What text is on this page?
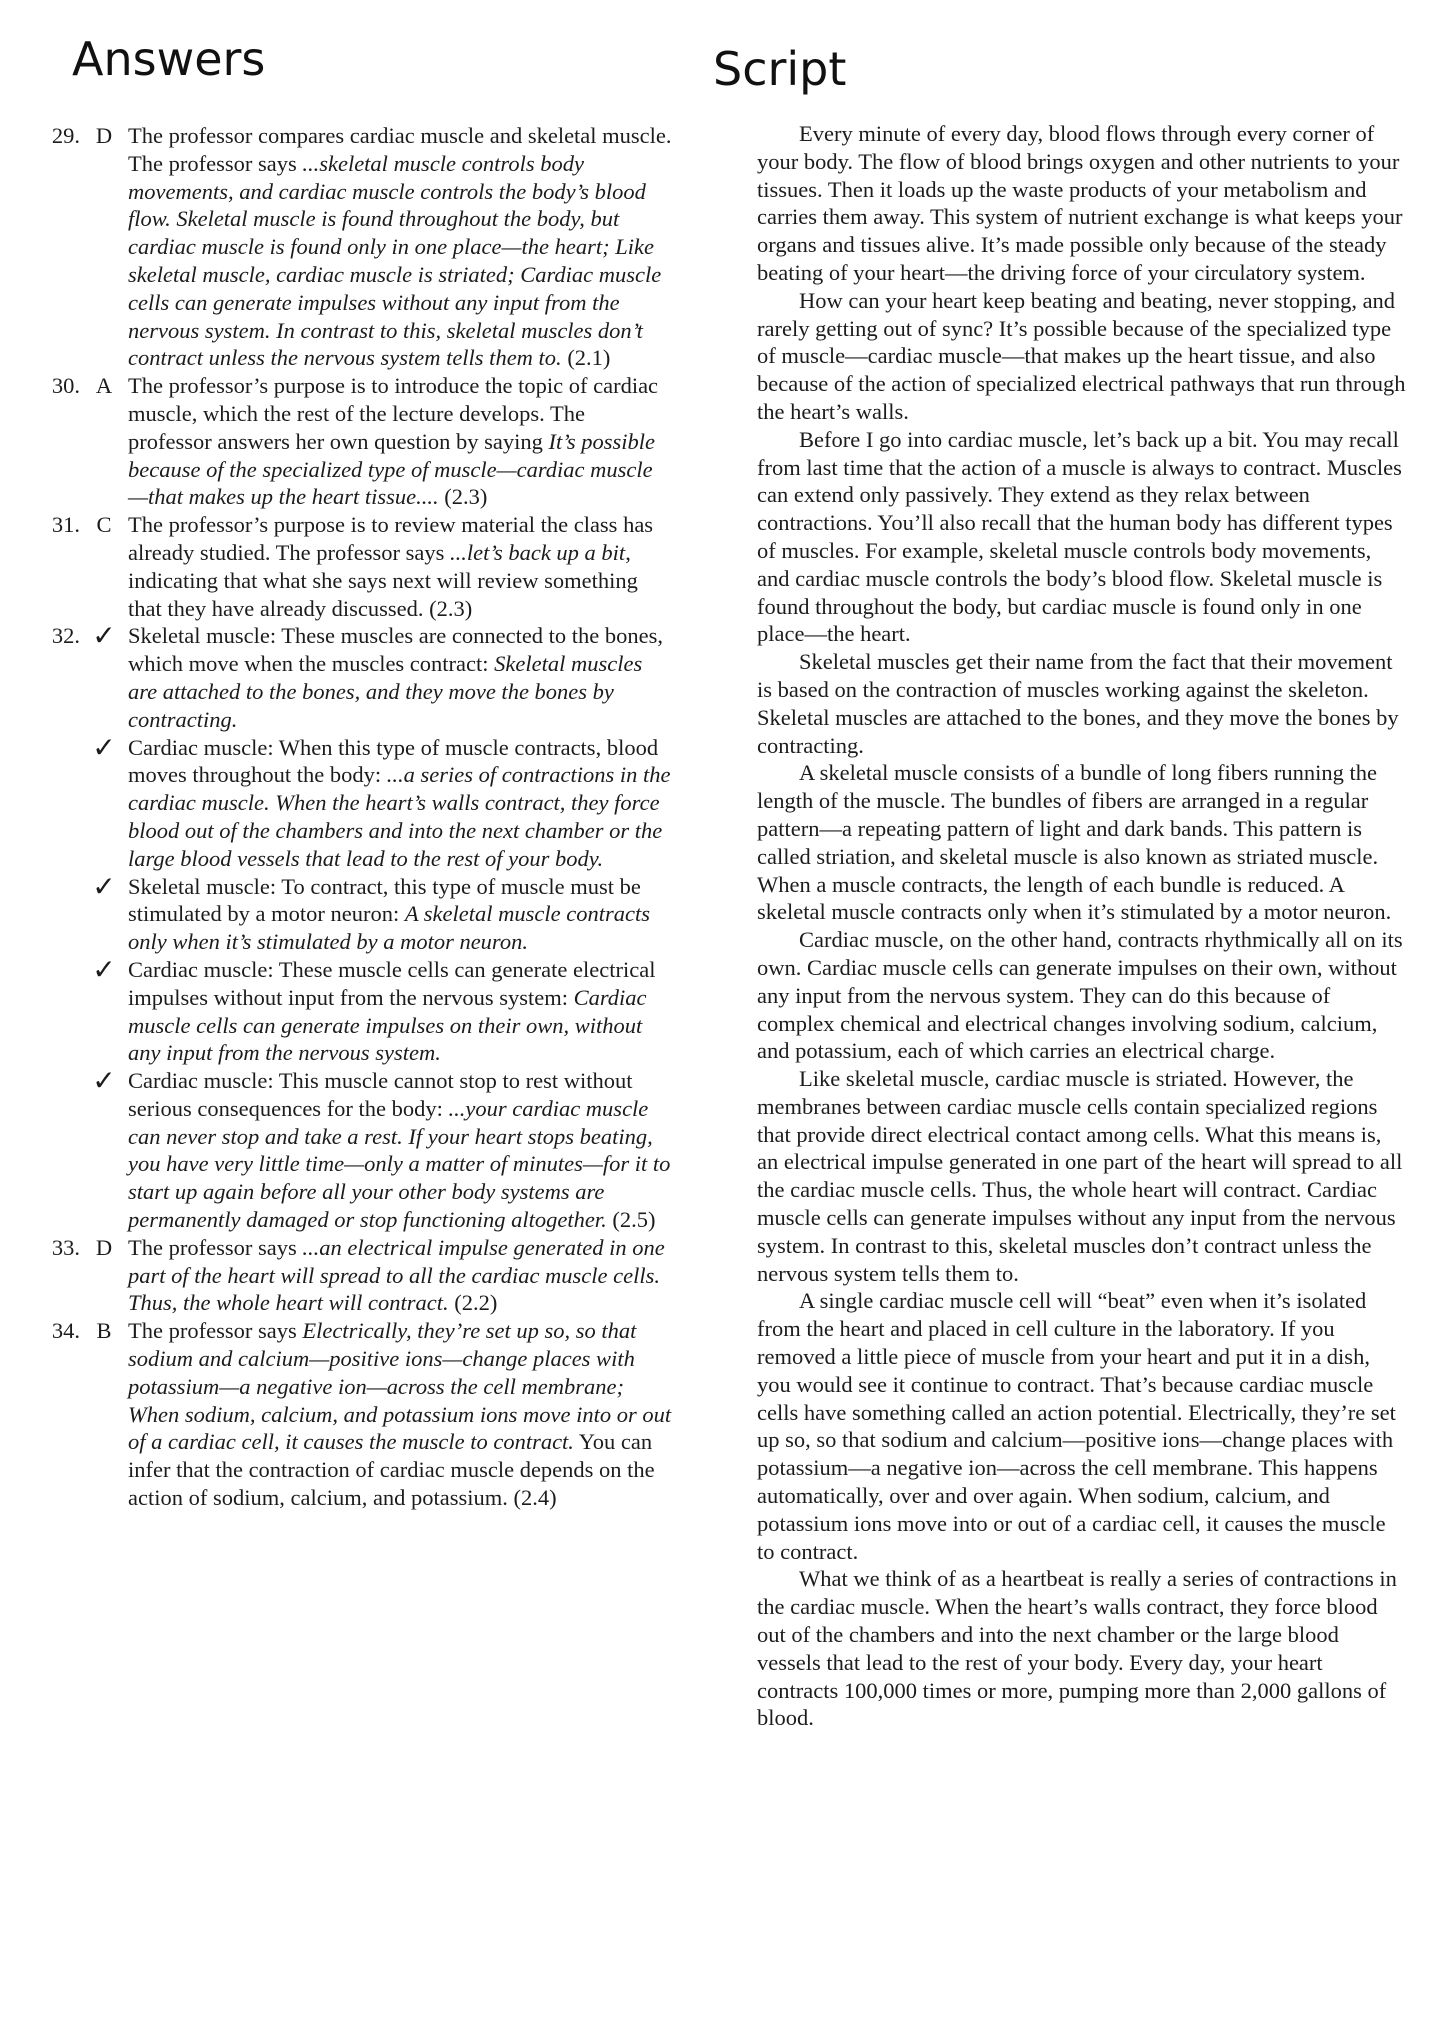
Answers	Script
29. D The professor compares cardiac muscle and skeletal muscle. The professor says ...skeletal muscle controls body movements, and cardiac muscle controls the body’s blood flow. Skeletal muscle is found throughout the body, but cardiac muscle is found only in one place—the heart; Like skeletal muscle, cardiac muscle is striated; Cardiac muscle cells can generate impulses without any input from the nervous system. In contrast to this, skeletal muscles don’t contract unless the nervous system tells them to. (2.1)
30. A The professor’s purpose is to introduce the topic of cardiac muscle, which the rest of the lecture develops. The professor answers her own question by saying It’s possible because of the specialized type of muscle—cardiac muscle—that makes up the heart tissue.... (2.3)
31. C The professor’s purpose is to review material the class has already studied. The professor says ...let’s back up a bit, indicating that what she says next will review something that they have already discussed. (2.3)
32. ✓ Skeletal muscle: These muscles are connected to the bones, which move when the muscles contract: Skeletal muscles are attached to the bones, and they move the bones by contracting.
✓ Cardiac muscle: When this type of muscle contracts, blood moves throughout the body: ...a series of contractions in the cardiac muscle. When the heart’s walls contract, they force blood out of the chambers and into the next chamber or the large blood vessels that lead to the rest of your body.
✓ Skeletal muscle: To contract, this type of muscle must be stimulated by a motor neuron: A skeletal muscle contracts only when it’s stimulated by a motor neuron.
✓ Cardiac muscle: These muscle cells can generate electrical impulses without input from the nervous system: Cardiac muscle cells can generate impulses on their own, without any input from the nervous system.
✓ Cardiac muscle: This muscle cannot stop to rest without serious consequences for the body: ...your cardiac muscle can never stop and take a rest. If your heart stops beating, you have very little time—only a matter of minutes—for it to start up again before all your other body systems are permanently damaged or stop functioning altogether. (2.5)
33. D The professor says ...an electrical impulse generated in one part of the heart will spread to all the cardiac muscle cells. Thus, the whole heart will contract. (2.2)
34. B The professor says Electrically, they’re set up so, so that sodium and calcium—positive ions—change places with potassium—a negative ion—across the cell membrane; When sodium, calcium, and potassium ions move into or out of a cardiac cell, it causes the muscle to contract. You can infer that the contraction of cardiac muscle depends on the action of sodium, calcium, and potassium. (2.4)

Every minute of every day, blood flows through every corner of your body. The flow of blood brings oxygen and other nutrients to your tissues. Then it loads up the waste products of your metabolism and carries them away. This system of nutrient exchange is what keeps your organs and tissues alive. It’s made possible only because of the steady beating of your heart—the driving force of your circulatory system.

How can your heart keep beating and beating, never stopping, and rarely getting out of sync? It’s possible because of the specialized type of muscle—cardiac muscle—that makes up the heart tissue, and also because of the action of specialized electrical pathways that run through the heart’s walls.

Before I go into cardiac muscle, let’s back up a bit. You may recall from last time that the action of a muscle is always to contract. Muscles can extend only passively. They extend as they relax between contractions. You’ll also recall that the human body has different types of muscles. For example, skeletal muscle controls body movements, and cardiac muscle controls the body’s blood flow. Skeletal muscle is found throughout the body, but cardiac muscle is found only in one place—the heart.

Skeletal muscles get their name from the fact that their movement is based on the contraction of muscles working against the skeleton. Skeletal muscles are attached to the bones, and they move the bones by contracting.

A skeletal muscle consists of a bundle of long fibers running the length of the muscle. The bundles of fibers are arranged in a regular pattern—a repeating pattern of light and dark bands. This pattern is called striation, and skeletal muscle is also known as striated muscle. When a muscle contracts, the length of each bundle is reduced. A skeletal muscle contracts only when it’s stimulated by a motor neuron.

Cardiac muscle, on the other hand, contracts rhythmically all on its own. Cardiac muscle cells can generate impulses on their own, without any input from the nervous system. They can do this because of complex chemical and electrical changes involving sodium, calcium, and potassium, each of which carries an electrical charge.

Like skeletal muscle, cardiac muscle is striated. However, the membranes between cardiac muscle cells contain specialized regions that provide direct electrical contact among cells. What this means is, an electrical impulse generated in one part of the heart will spread to all the cardiac muscle cells. Thus, the whole heart will contract. Cardiac muscle cells can generate impulses without any input from the nervous system. In contrast to this, skeletal muscles don’t contract unless the nervous system tells them to.

A single cardiac muscle cell will “beat” even when it’s isolated from the heart and placed in cell culture in the laboratory. If you removed a little piece of muscle from your heart and put it in a dish, you would see it continue to contract. That’s because cardiac muscle cells have something called an action potential. Electrically, they’re set up so, so that sodium and calcium—positive ions—change places with potassium—a negative ion—across the cell membrane. This happens automatically, over and over again. When sodium, calcium, and potassium ions move into or out of a cardiac cell, it causes the muscle to contract.

What we think of as a heartbeat is really a series of contractions in the cardiac muscle. When the heart’s walls contract, they force blood out of the chambers and into the next chamber or the large blood vessels that lead to the rest of your body. Every day, your heart contracts 100,000 times or more, pumping more than 2,000 gallons of blood.
